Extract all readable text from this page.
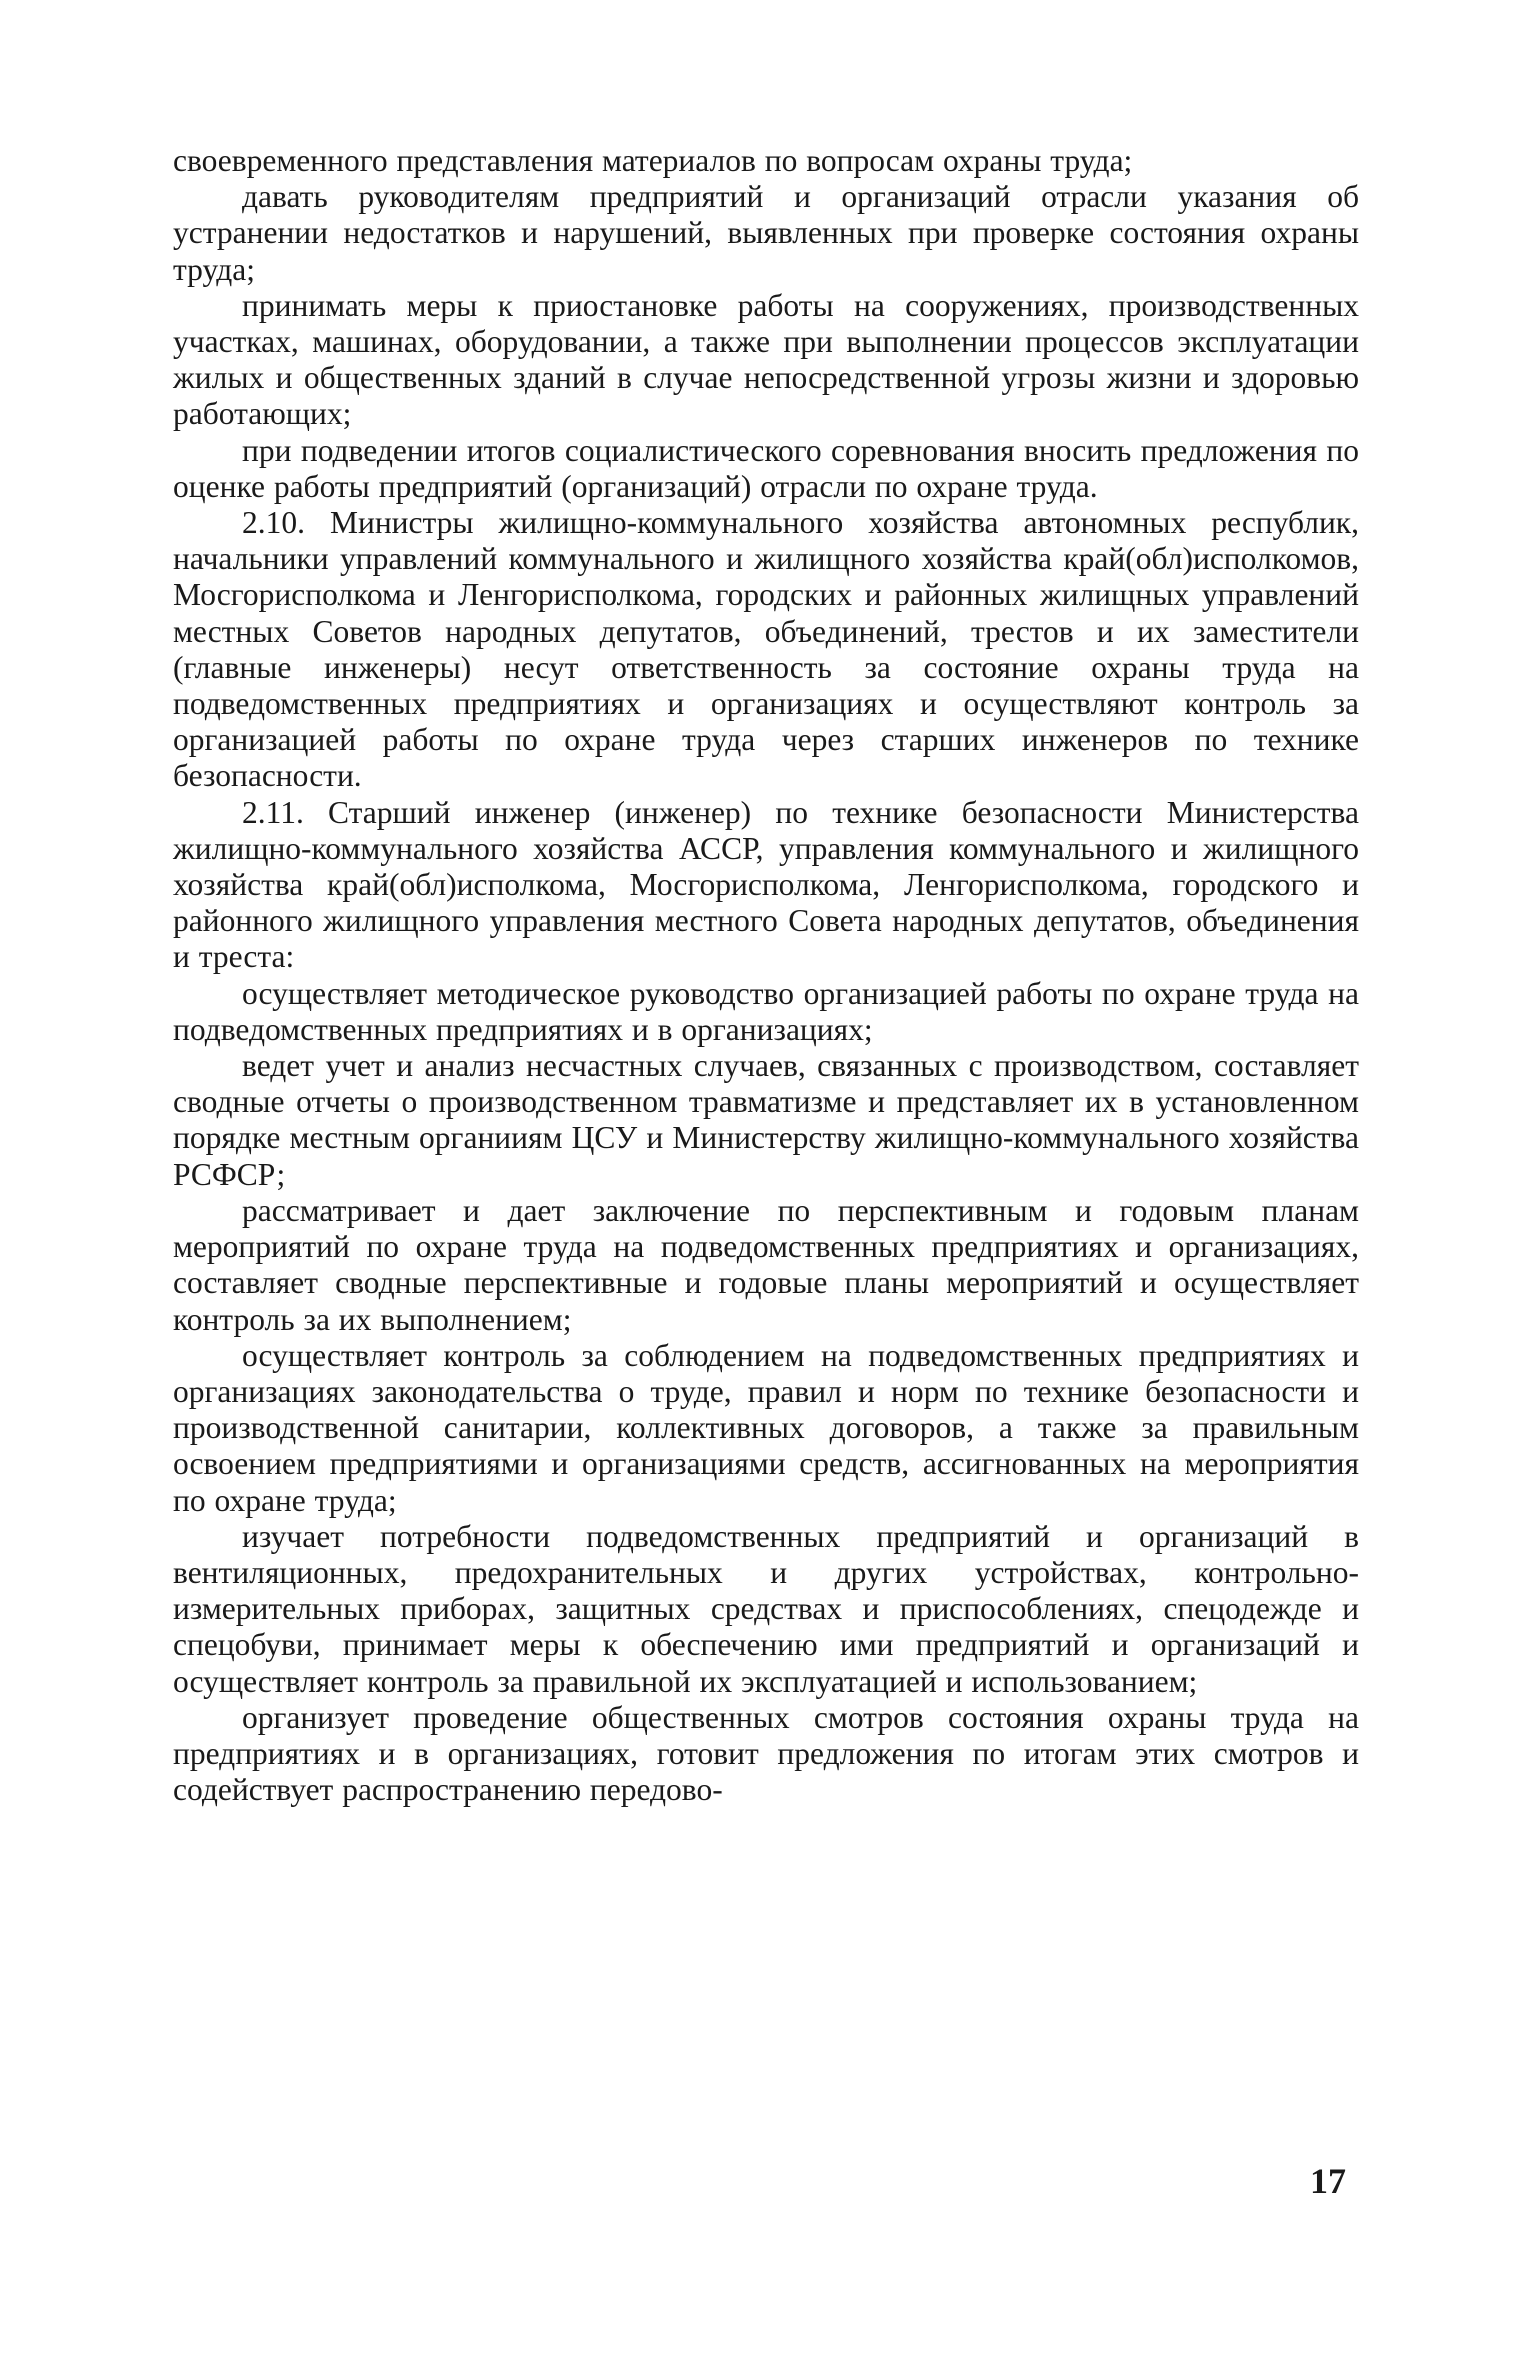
своевременного представления материалов по вопросам охраны труда;

давать руководителям предприятий и организаций отрасли указания об устранении недостатков и нарушений, выявленных при проверке состояния охраны труда;

принимать меры к приостановке работы на сооружениях, производственных участках, машинах, оборудовании, а также при выполнении процессов эксплуатации жилых и общественных зданий в случае непосредственной угрозы жизни и здоровью работающих;

при подведении итогов социалистического соревнования вносить предложения по оценке работы предприятий (организаций) отрасли по охране труда.

2.10. Министры жилищно-коммунального хозяйства автономных республик, начальники управлений коммунального и жилищного хозяйства край(обл)исполкомов, Мосгорисполкома и Ленгорисполкома, городских и районных жилищных управлений местных Советов народных депутатов, объединений, трестов и их заместители (главные инженеры) несут ответственность за состояние охраны труда на подведомственных предприятиях и организациях и осуществляют контроль за организацией работы по охране труда через старших инженеров по технике безопасности.

2.11. Старший инженер (инженер) по технике безопасности Министерства жилищно-коммунального хозяйства АССР, управления коммунального и жилищного хозяйства край(обл)исполкома, Мосгорисполкома, Ленгорисполкома, городского и районного жилищного управления местного Совета народных депутатов, объединения и треста:

осуществляет методическое руководство организацией работы по охране труда на подведомственных предприятиях и в организациях;

ведет учет и анализ несчастных случаев, связанных с производством, составляет сводные отчеты о производственном травматизме и представляет их в установленном порядке местным органииям ЦСУ и Министерству жилищно-коммунального хозяйства РСФСР;

рассматривает и дает заключение по перспективным и годовым планам мероприятий по охране труда на подведомственных предприятиях и организациях, составляет сводные перспективные и годовые планы мероприятий и осуществляет контроль за их выполнением;

осуществляет контроль за соблюдением на подведомственных предприятиях и организациях законодательства о труде, правил и норм по технике безопасности и производственной санитарии, коллективных договоров, а также за правильным освоением предприятиями и организациями средств, ассигнованных на мероприятия по охране труда;

изучает потребности подведомственных предприятий и организаций в вентиляционных, предохранительных и других устройствах, контрольно-измерительных приборах, защитных средствах и приспособлениях, спецодежде и спецобуви, принимает меры к обеспечению ими предприятий и организаций и осуществляет контроль за правильной их эксплуатацией и использованием;

организует проведение общественных смотров состояния охраны труда на предприятиях и в организациях, готовит предложения по итогам этих смотров и содействует распространению передово-

17
